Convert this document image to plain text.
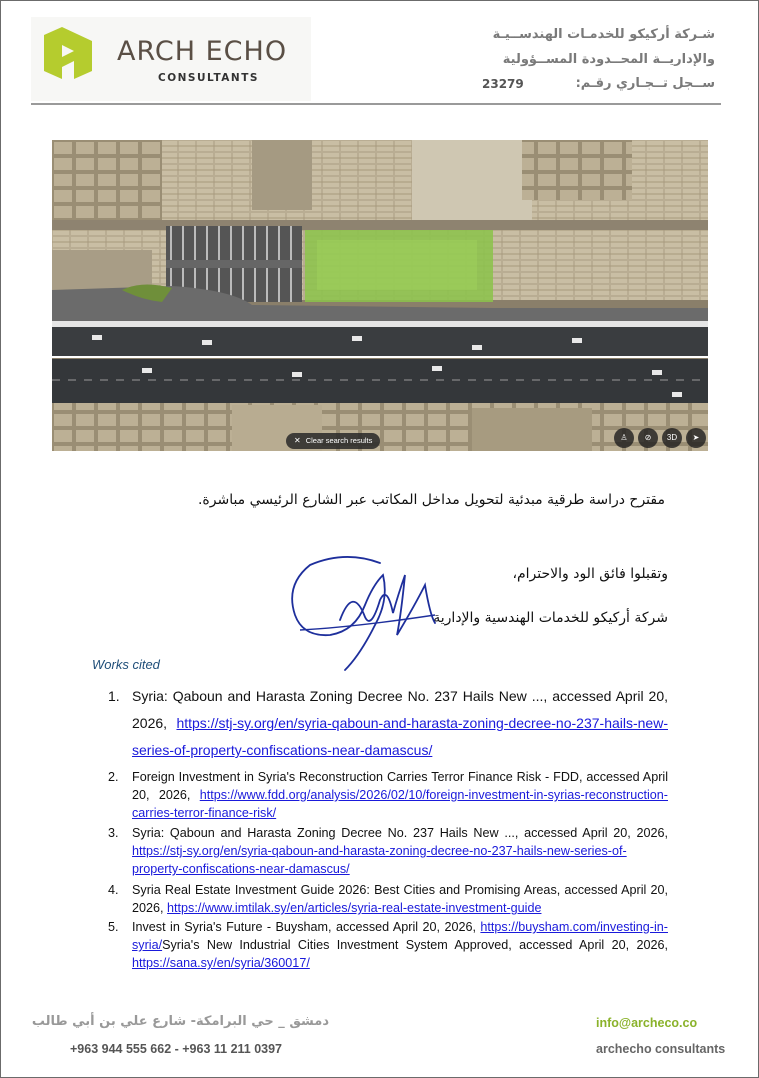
ARCH ECHO
CONSULTANTS
شـركة أركيكو للخدمـات الهندســيـة
والإداريــة المحــدودة المســؤولية
ســجل تــجـاري رقـم:
23279
✕ Clear search results	♙	⊘	3D	➤
مقترح دراسة طرقية مبدئية لتحويل مداخل المكاتب عبر الشارع الرئيسي مباشرة.
وتقبلوا فائق الود والاحترام،
شركة أركيكو للخدمات الهندسية والإدارية
Works cited
1. Syria: Qaboun and Harasta Zoning Decree No. 237 Hails New ..., accessed April 20, 2026, https://stj-sy.org/en/syria-qaboun-and-harasta-zoning-decree-no-237-hails-new-series-of-property-confiscations-near-damascus/
2. Foreign Investment in Syria's Reconstruction Carries Terror Finance Risk - FDD, accessed April 20, 2026, https://www.fdd.org/analysis/2026/02/10/foreign-investment-in-syrias-reconstruction-carries-terror-finance-risk/
3. Syria: Qaboun and Harasta Zoning Decree No. 237 Hails New ..., accessed April 20, 2026, https://stj-sy.org/en/syria-qaboun-and-harasta-zoning-decree-no-237-hails-new-series-of-property-confiscations-near-damascus/
4. Syria Real Estate Investment Guide 2026: Best Cities and Promising Areas, accessed April 20, 2026, https://www.imtilak.sy/en/articles/syria-real-estate-investment-guide
5. Invest in Syria's Future - Buysham, accessed April 20, 2026, https://buysham.com/investing-in-syria/Syria's New Industrial Cities Investment System Approved, accessed April 20, 2026, https://sana.sy/en/syria/360017/
دمشق _ حي البرامكة- شارع علي بن أبي طالب
+963 944 555 662 - +963 11 211 0397
info@archeco.co
archecho consultants
